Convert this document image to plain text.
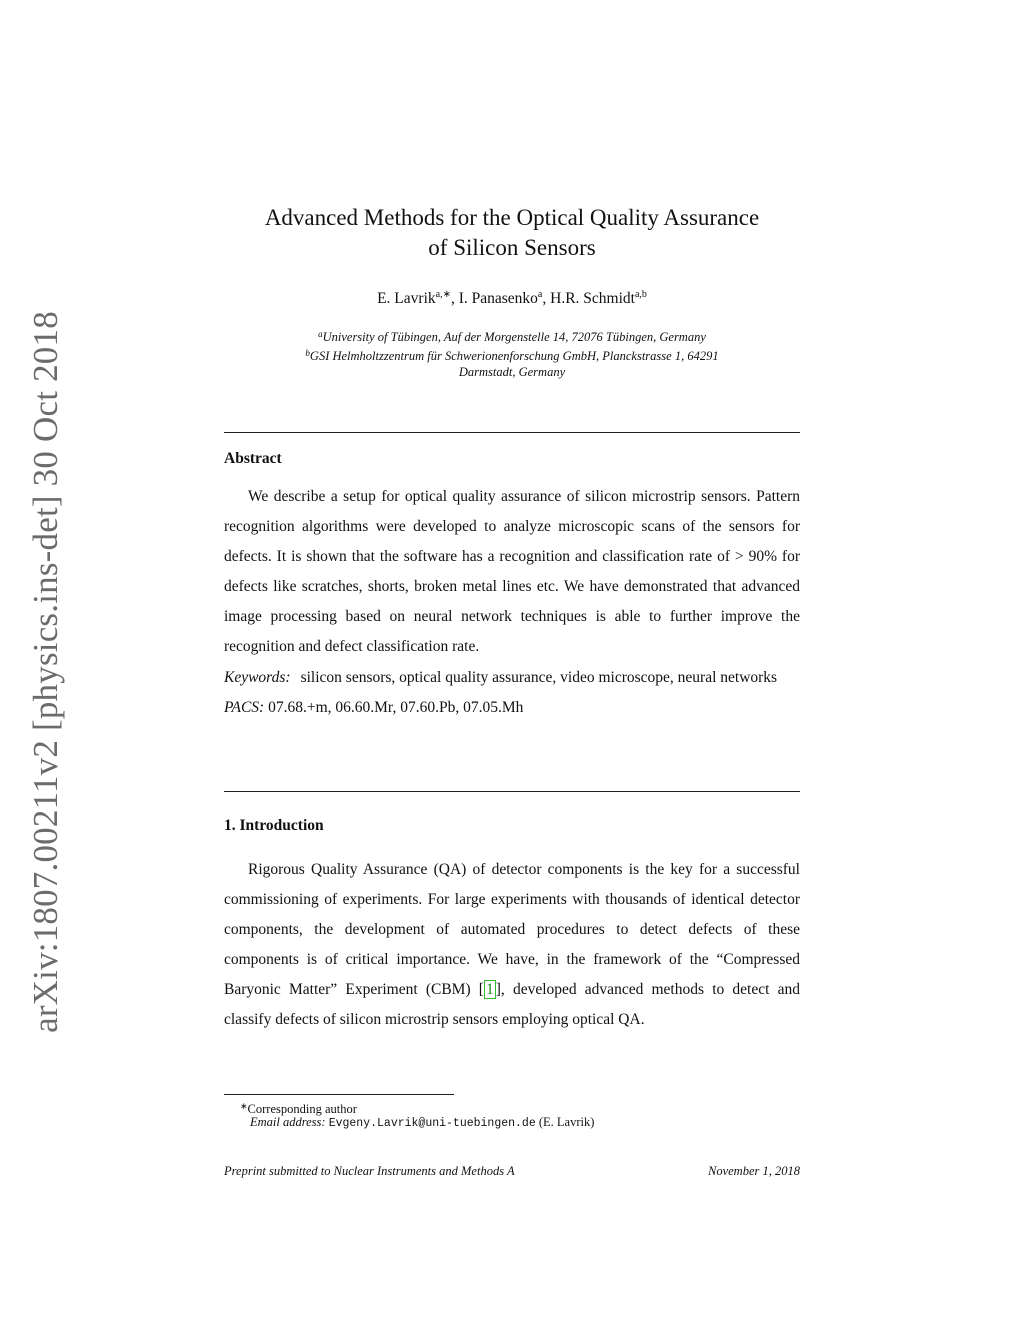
arXiv:1807.00211v2 [physics.ins-det] 30 Oct 2018
Advanced Methods for the Optical Quality Assurance
of Silicon Sensors
E. Lavrik$^{a,∗}$, I. Panasenko$^a$, H.R. Schmidt$^{a,b}$
$^a$University of Tübingen, Auf der Morgenstelle 14, 72076 Tübingen, Germany
$^b$GSI Helmholtzzentrum für Schwerionenforschung GmbH, Planckstrasse 1, 64291
Darmstadt, Germany
Abstract
We describe a setup for optical quality assurance of silicon microstrip sensors. Pattern recognition algorithms were developed to analyze microscopic scans of the sensors for defects. It is shown that the software has a recognition and classification rate of > 90% for defects like scratches, shorts, broken metal lines etc. We have demonstrated that advanced image processing based on neural network techniques is able to further improve the recognition and defect classification rate.
Keywords: silicon sensors, optical quality assurance, video microscope, neural networks
PACS: 07.68.+m, 06.60.Mr, 07.60.Pb, 07.05.Mh
1. Introduction
Rigorous Quality Assurance (QA) of detector components is the key for a successful commissioning of experiments. For large experiments with thousands of identical detector components, the development of automated procedures to detect defects of these components is of critical importance. We have, in the framework of the “Compressed Baryonic Matter” Experiment (CBM) [ 1 ], developed advanced methods to detect and classify defects of silicon microstrip sensors employing optical QA.
∗Corresponding author
Email address: Evgeny.Lavrik@uni-tuebingen.de (E. Lavrik)
Preprint submitted to Nuclear Instruments and Methods A	November 1, 2018
